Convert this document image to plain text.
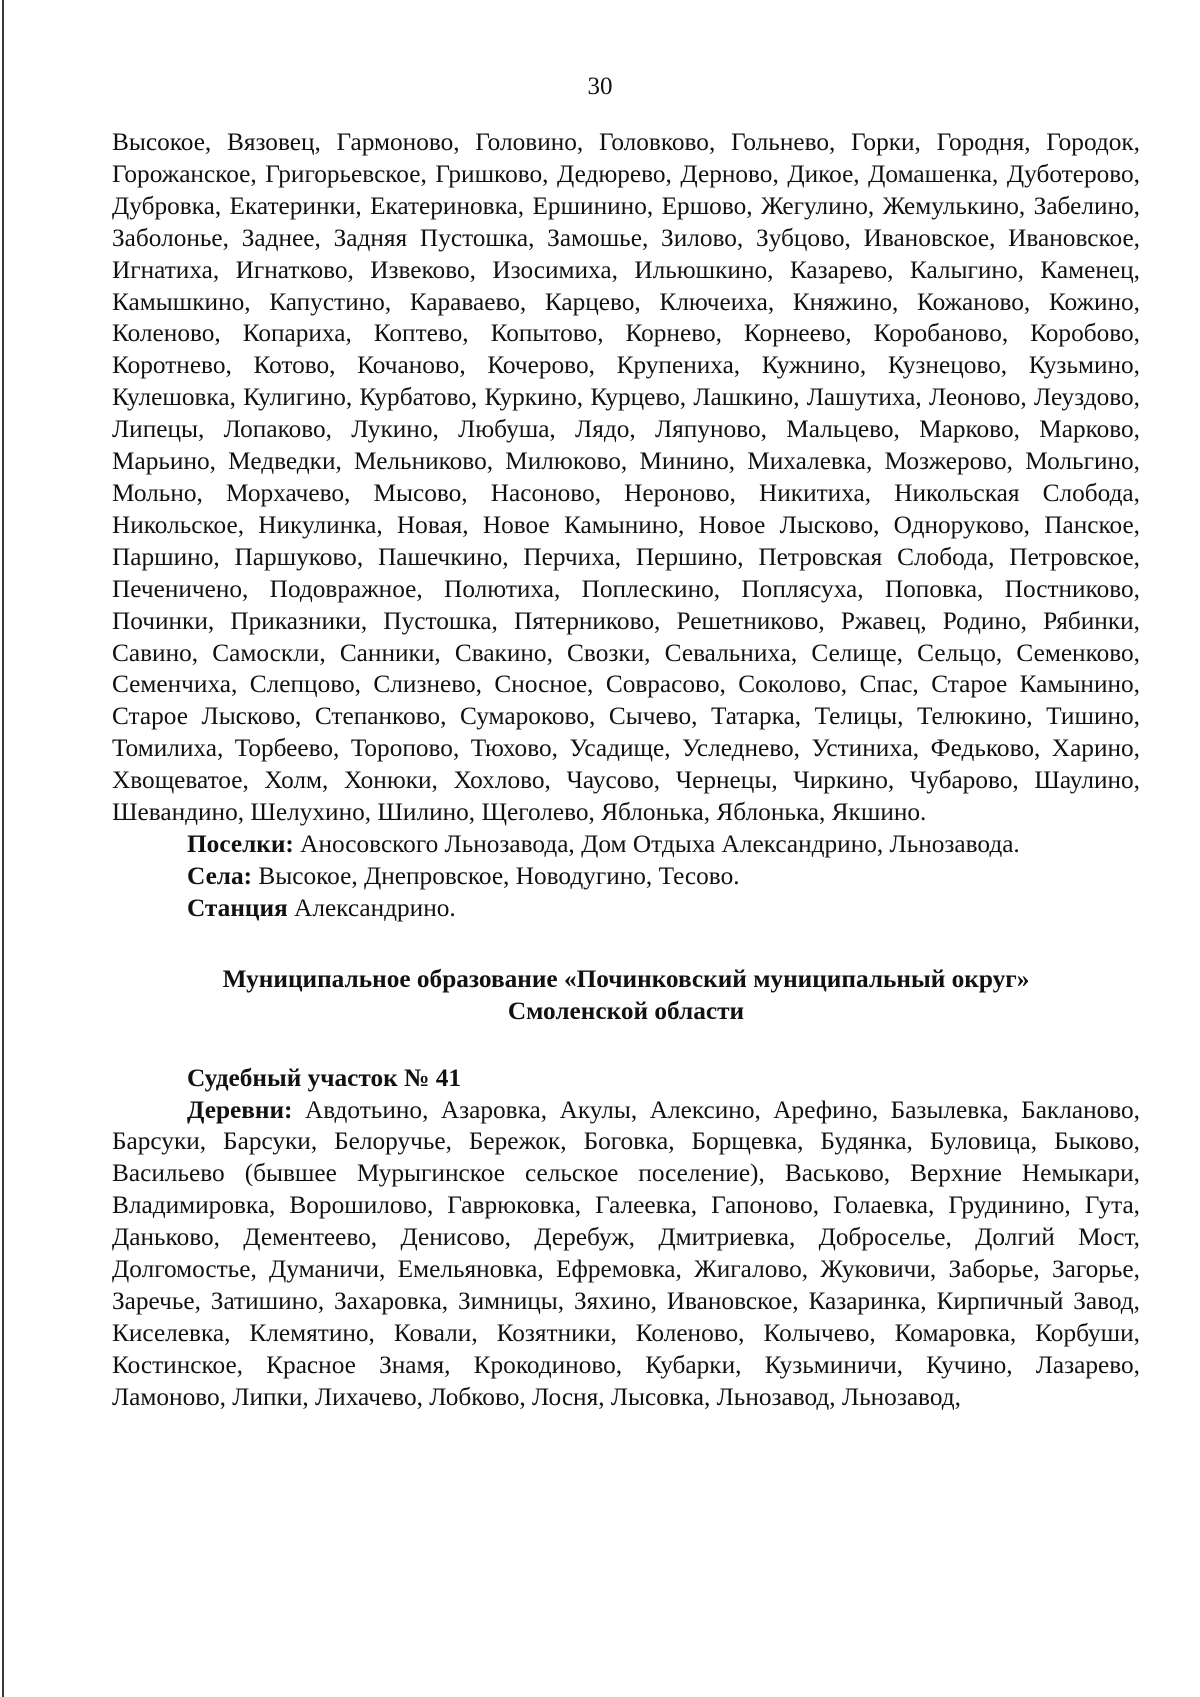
30

Высокое, Вязовец, Гармоново, Головино, Головково, Гольнево, Горки, Городня, Городок, Горожанское, Григорьевское, Гришково, Дедюрево, Дерново, Дикое, Домашенка, Дуботерово, Дубровка, Екатеринки, Екатериновка, Ершинино, Ершово, Жегулино, Жемулькино, Забелино, Заболонье, Заднее, Задняя Пустошка, Замошье, Зилово, Зубцово, Ивановское, Ивановское, Игнатиха, Игнатково, Извеково, Изосимиха, Ильюшкино, Казарево, Калыгино, Каменец, Камышкино, Капустино, Караваево, Карцево, Ключеиха, Княжино, Кожаново, Кожино, Коленово, Копариха, Коптево, Копытово, Корнево, Корнеево, Коробаново, Коробово, Коротнево, Котово, Кочаново, Кочерово, Крупениха, Кужнино, Кузнецово, Кузьмино, Кулешовка, Кулигино, Курбатово, Куркино, Курцево, Лашкино, Лашутиха, Леоново, Леуздово, Липецы, Лопаково, Лукино, Любуша, Лядо, Ляпуново, Мальцево, Марково, Марково, Марьино, Медведки, Мельниково, Милюково, Минино, Михалевка, Мозжерово, Мольгино, Мольно, Морхачево, Мысово, Насоново, Нероново, Никитиха, Никольская Слобода, Никольское, Никулинка, Новая, Новое Камынино, Новое Лысково, Одноруково, Панское, Паршино, Паршуково, Пашечкино, Перчиха, Першино, Петровская Слобода, Петровское, Печеничено, Подовражное, Полютиха, Поплескино, Поплясуха, Поповка, Постниково, Починки, Приказники, Пустошка, Пятерниково, Решетниково, Ржавец, Родино, Рябинки, Савино, Самоскли, Санники, Свакино, Свозки, Севальниха, Селище, Сельцо, Семенково, Семенчиха, Слепцово, Слизнево, Сносное, Соврасово, Соколово, Спас, Старое Камынино, Старое Лысково, Степанково, Сумароково, Сычево, Татарка, Телицы, Телюкино, Тишино, Томилиха, Торбеево, Торопово, Тюхово, Усадище, Уследнево, Устиниха, Федьково, Харино, Хвощеватое, Холм, Хонюки, Хохлово, Чаусово, Чернецы, Чиркино, Чубарово, Шаулино, Шевандино, Шелухино, Шилино, Щеголево, Яблонька, Яблонька, Якшино.

Поселки: Аносовского Льнозавода, Дом Отдыха Александрино, Льнозавода.

Села: Высокое, Днепровское, Новодугино, Тесово.

Станция Александрино.

Муниципальное образование «Починковский муниципальный округ»

Смоленской области

Судебный участок № 41

Деревни: Авдотьино, Азаровка, Акулы, Алексино, Арефино, Базылевка, Бакланово, Барсуки, Барсуки, Белоручье, Бережок, Боговка, Борщевка, Будянка, Буловица, Быково, Васильево (бывшее Мурыгинское сельское поселение), Васьково, Верхние Немыкари, Владимировка, Ворошилово, Гаврюковка, Галеевка, Гапоново, Голаевка, Грудинино, Гута, Даньково, Дементеево, Денисово, Деребуж, Дмитриевка, Доброселье, Долгий Мост, Долгомостье, Думаничи, Емельяновка, Ефремовка, Жигалово, Жуковичи, Заборье, Загорье, Заречье, Затишино, Захаровка, Зимницы, Зяхино, Ивановское, Казаринка, Кирпичный Завод, Киселевка, Клемятино, Ковали, Козятники, Коленово, Колычево, Комаровка, Корбуши, Костинское, Красное Знамя, Крокодиново, Кубарки, Кузьминичи, Кучино, Лазарево, Ламоново, Липки, Лихачево, Лобково, Лосня, Лысовка, Льнозавод, Льнозавод,
